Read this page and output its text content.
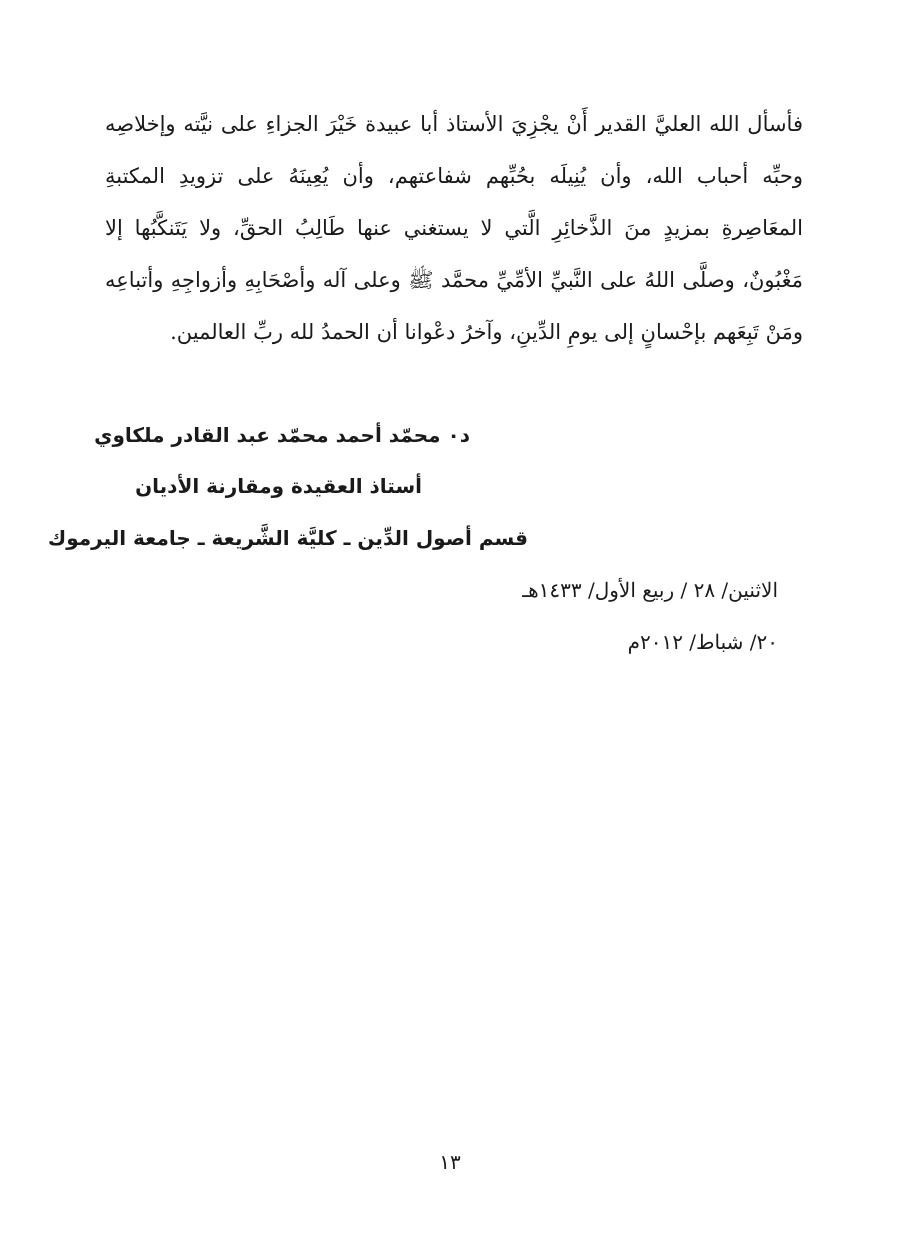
فأسأل الله العليَّ القدير أَنْ يجْزِيَ الأستاذ أبا عبيدة خَيْرَ الجزاءِ على نيَّته وإخلاصِه وحبِّه أحباب الله، وأن يُنِيلَه بحُبِّهم شفاعتهم، وأن يُعِينَهُ على تزويدِ المكتبةِ المعَاصِرةِ بمزيدٍ منَ الذَّخائِرِ الَّتي لا يستغني عنها طَالِبُ الحقِّ، ولا يَتَنكَّبُها إلا مَغْبُونٌ، وصلَّى اللهُ على النَّبيِّ الأمِّيِّ محمَّد ﷺ وعلى آله وأصْحَابِهِ وأزواجِهِ وأتباعِه ومَنْ تَبِعَهم بإحْسانٍ إلى يومِ الدِّينِ، وآخرُ دعْوانا أن الحمدُ لله ربِّ العالمين.

د٠ محمّد أحمد محمّد عبد القادر ملكاوي
أستاذ العقيدة ومقارنة الأديان
قسم أصول الدِّين ـ كليَّة الشَّريعة ـ جامعة اليرموك
الاثنين/ ٢٨ / ربيع الأول/ ١٤٣٣هـ
٢٠/ شباط/ ٢٠١٢م
١٣
